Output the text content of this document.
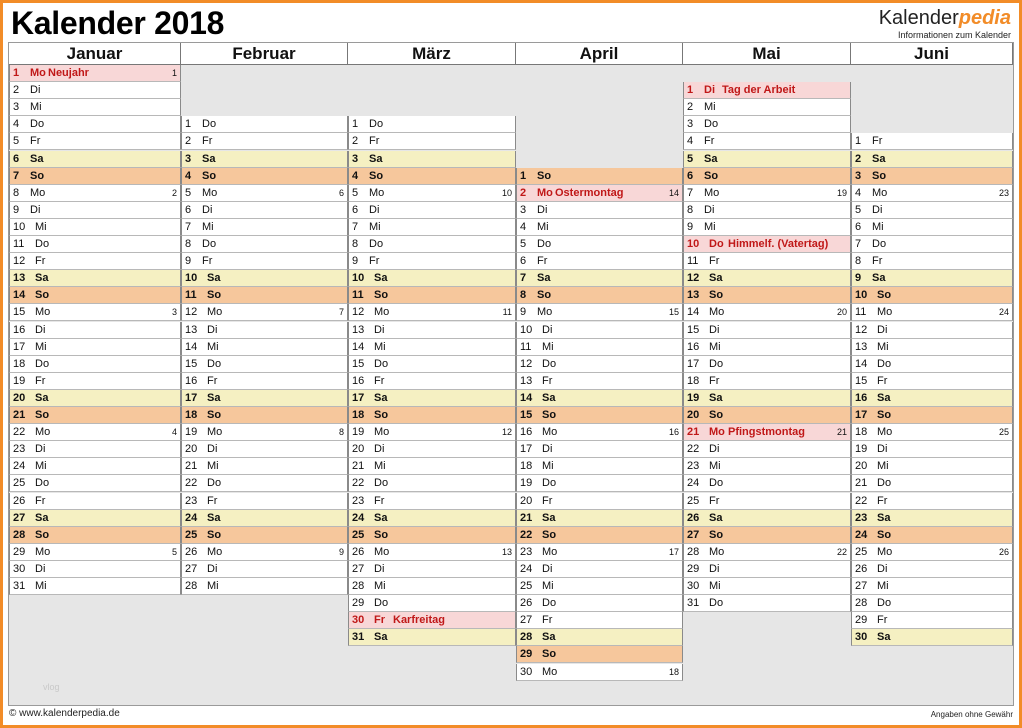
Kalender 2018	Kalenderpedia
Informationen zum Kalender
Januar
1 Mo Neujahr	1
2 Di
3 Mi
4 Do
5 Fr
6 Sa
7 So
8 Mo	2
9 Di
10 Mi
11 Do
12 Fr
13 Sa
14 So
15 Mo	3
16 Di
17 Mi
18 Do
19 Fr
20 Sa
21 So
22 Mo	4
23 Di
24 Mi
25 Do
26 Fr
27 Sa
28 So
29 Mo	5
30 Di
31 Mi
Februar
1 Do
2 Fr
3 Sa
4 So
5 Mo	6
6 Di
7 Mi
8 Do
9 Fr
10 Sa
11 So
12 Mo	7
13 Di
14 Mi
15 Do
16 Fr
17 Sa
18 So
19 Mo	8
20 Di
21 Mi
22 Do
23 Fr
24 Sa
25 So
26 Mo	9
27 Di
28 Mi
März
1 Do
2 Fr
3 Sa
4 So
5 Mo	10
6 Di
7 Mi
8 Do
9 Fr
10 Sa
11 So
12 Mo	11
13 Di
14 Mi
15 Do
16 Fr
17 Sa
18 So
19 Mo	12
20 Di
21 Mi
22 Do
23 Fr
24 Sa
25 So
26 Mo	13
27 Di
28 Mi
29 Do
30 Fr Karfreitag
31 Sa
April
1 So
2 Mo Ostermontag	14
3 Di
4 Mi
5 Do
6 Fr
7 Sa
8 So
9 Mo	15
10 Di
11 Mi
12 Do
13 Fr
14 Sa
15 So
16 Mo	16
17 Di
18 Mi
19 Do
20 Fr
21 Sa
22 So
23 Mo	17
24 Di
25 Mi
26 Do
27 Fr
28 Sa
29 So
30 Mo	18
Mai
1 Di Tag der Arbeit
2 Mi
3 Do
4 Fr
5 Sa
6 So
7 Mo	19
8 Di
9 Mi
10 Do Himmelf. (Vatertag)
11 Fr
12 Sa
13 So
14 Mo	20
15 Di
16 Mi
17 Do
18 Fr
19 Sa
20 So
21 Mo Pfingstmontag	21
22 Di
23 Mi
24 Do
25 Fr
26 Sa
27 So
28 Mo	22
29 Di
30 Mi
31 Do
Juni
1 Fr
2 Sa
3 So
4 Mo	23
5 Di
6 Mi
7 Do
8 Fr
9 Sa
10 So
11 Mo	24
12 Di
13 Mi
14 Do
15 Fr
16 Sa
17 So
18 Mo	25
19 Di
20 Mi
21 Do
22 Fr
23 Sa
24 So
25 Mo	26
26 Di
27 Mi
28 Do
29 Fr
30 Sa
vlog
© www.kalenderpedia.de	Angaben ohne Gewähr
